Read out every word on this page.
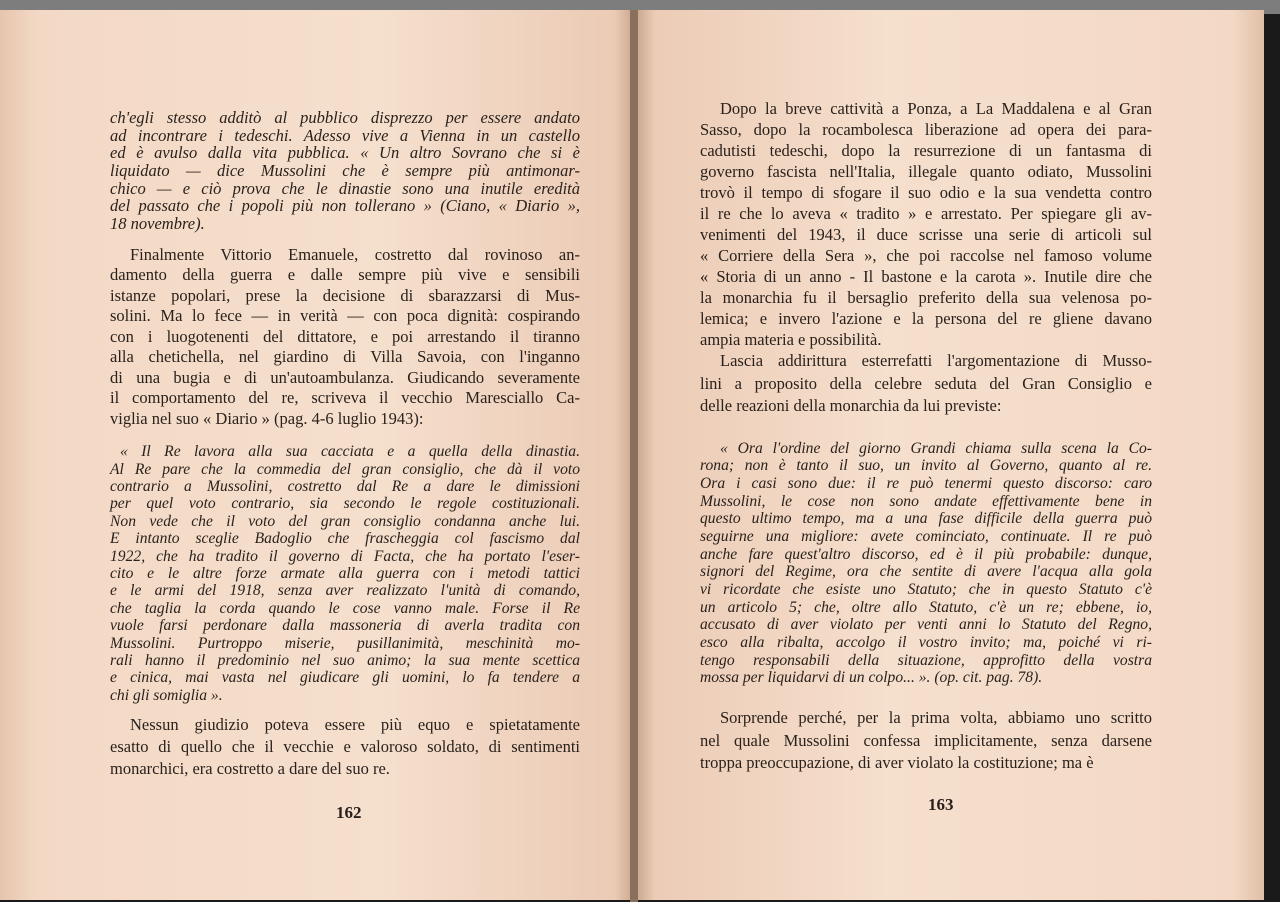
ch'egli stesso additò al pubblico disprezzo per essere andato
ad incontrare i tedeschi. Adesso vive a Vienna in un castello
ed è avulso dalla vita pubblica. « Un altro Sovrano che si è
liquidato — dice Mussolini che è sempre più antimonar-
chico — e ciò prova che le dinastie sono una inutile eredità
del passato che i popoli più non tollerano » (Ciano, « Diario »,
18 novembre).
Finalmente Vittorio Emanuele, costretto dal rovinoso an-
damento della guerra e dalle sempre più vive e sensibili
istanze popolari, prese la decisione di sbarazzarsi di Mus-
solini. Ma lo fece — in verità — con poca dignità: cospirando
con i luogotenenti del dittatore, e poi arrestando il tiranno
alla chetichella, nel giardino di Villa Savoia, con l'inganno
di una bugia e di un'autoambulanza. Giudicando severamente
il comportamento del re, scriveva il vecchio Maresciallo Ca-
viglia nel suo « Diario » (pag. 4-6 luglio 1943):
« Il Re lavora alla sua cacciata e a quella della dinastia.
Al Re pare che la commedia del gran consiglio, che dà il voto
contrario a Mussolini, costretto dal Re a dare le dimissioni
per quel voto contrario, sia secondo le regole costituzionali.
Non vede che il voto del gran consiglio condanna anche lui.
E intanto sceglie Badoglio che frascheggia col fascismo dal
1922, che ha tradito il governo di Facta, che ha portato l'eser-
cito e le altre forze armate alla guerra con i metodi tattici
e le armi del 1918, senza aver realizzato l'unità di comando,
che taglia la corda quando le cose vanno male. Forse il Re
vuole farsi perdonare dalla massoneria di averla tradita con
Mussolini. Purtroppo miserie, pusillanimità, meschinità mo-
rali hanno il predominio nel suo animo; la sua mente scettica
e cinica, mai vasta nel giudicare gli uomini, lo fa tendere a
chi gli somiglia ».
Nessun giudizio poteva essere più equo e spietatamente
esatto di quello che il vecchie e valoroso soldato, di sentimenti
monarchici, era costretto a dare del suo re.
162
Dopo la breve cattività a Ponza, a La Maddalena e al Gran
Sasso, dopo la rocambolesca liberazione ad opera dei para-
cadutisti tedeschi, dopo la resurrezione di un fantasma di
governo fascista nell'Italia, illegale quanto odiato, Mussolini
trovò il tempo di sfogare il suo odio e la sua vendetta contro
il re che lo aveva « tradito » e arrestato. Per spiegare gli av-
venimenti del 1943, il duce scrisse una serie di articoli sul
« Corriere della Sera », che poi raccolse nel famoso volume
« Storia di un anno - Il bastone e la carota ». Inutile dire che
la monarchia fu il bersaglio preferito della sua velenosa po-
lemica; e invero l'azione e la persona del re gliene davano
ampia materia e possibilità.
Lascia addirittura esterrefatti l'argomentazione di Musso-
lini a proposito della celebre seduta del Gran Consiglio e
delle reazioni della monarchia da lui previste:
« Ora l'ordine del giorno Grandi chiama sulla scena la Co-
rona; non è tanto il suo, un invito al Governo, quanto al re.
Ora i casi sono due: il re può tenermi questo discorso: caro
Mussolini, le cose non sono andate effettivamente bene in
questo ultimo tempo, ma a una fase difficile della guerra può
seguirne una migliore: avete cominciato, continuate. Il re può
anche fare quest'altro discorso, ed è il più probabile: dunque,
signori del Regime, ora che sentite di avere l'acqua alla gola
vi ricordate che esiste uno Statuto; che in questo Statuto c'è
un articolo 5; che, oltre allo Statuto, c'è un re; ebbene, io,
accusato di aver violato per venti anni lo Statuto del Regno,
esco alla ribalta, accolgo il vostro invito; ma, poiché vi ri-
tengo responsabili della situazione, approfitto della vostra
mossa per liquidarvi di un colpo... ». (op. cit. pag. 78).
Sorprende perché, per la prima volta, abbiamo uno scritto
nel quale Mussolini confessa implicitamente, senza darsene
troppa preoccupazione, di aver violato la costituzione; ma è
163
